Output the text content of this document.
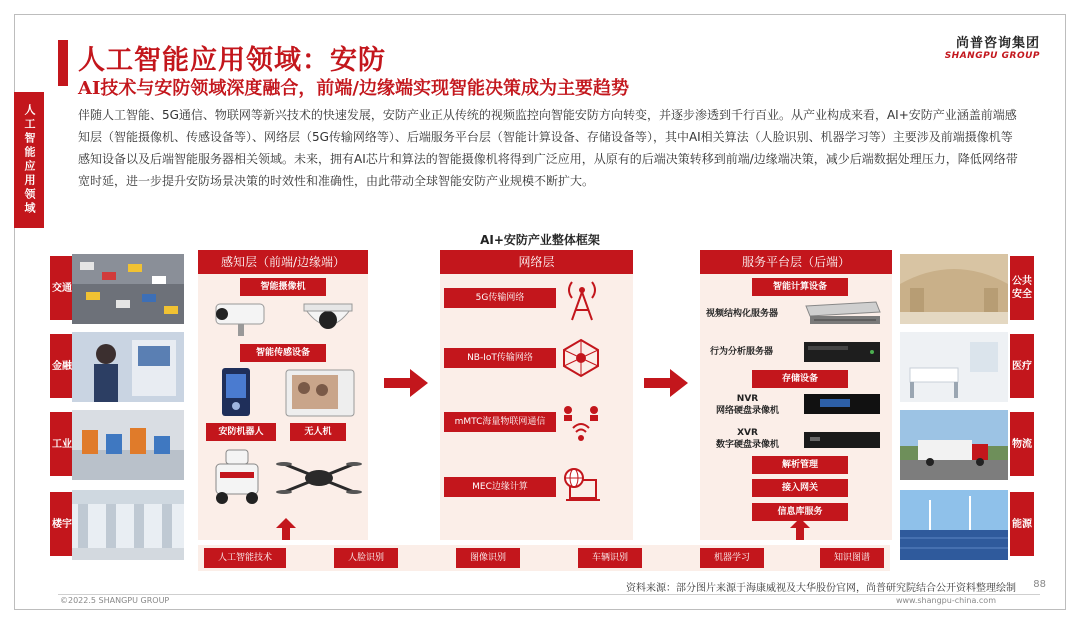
人工智能应用领域
人工智能应用领域：安防
AI技术与安防领域深度融合，前端/边缘端实现智能决策成为主要趋势
尚普咨询集团
SHANGPU GROUP
伴随人工智能、5G通信、物联网等新兴技术的快速发展，安防产业正从传统的视频监控向智能安防方向转变，并逐步渗透到千行百业。从产业构成来看，AI+安防产业涵盖前端感知层（智能摄像机、传感设备等）、网络层（5G传输网络等）、后端服务平台层（智能计算设备、存储设备等），其中AI相关算法（人脸识别、机器学习等）主要涉及前端摄像机等感知设备以及后端智能服务器相关领域。未来，拥有AI芯片和算法的智能摄像机将得到广泛应用，从原有的后端决策转移到前端/边缘端决策，减少后端数据处理压力，降低网络带宽时延，进一步提升安防场景决策的时效性和准确性，由此带动全球智能安防产业规模不断扩大。
AI+安防产业整体框架
交通
金融
工业
楼宇
公共安全
医疗
物流
能源
感知层（前端/边缘端）
智能摄像机
智能传感设备
安防机器人	无人机
网络层
5G传输网络
NB-IoT传输网络
mMTC海量物联网通信
MEC边缘计算
服务平台层（后端）
智能计算设备
视频结构化服务器
行为分析服务器
存储设备
NVR
网络硬盘录像机
XVR
数字硬盘录像机
解析管理
接入网关
信息库服务
人工智能技术	人脸识别	图像识别	车辆识别	机器学习	知识图谱
资料来源：部分图片来源于海康威视及大华股份官网，尚普研究院结合公开资料整理绘制 88
©2022.5 SHANGPU GROUP	www.shangpu-china.com
